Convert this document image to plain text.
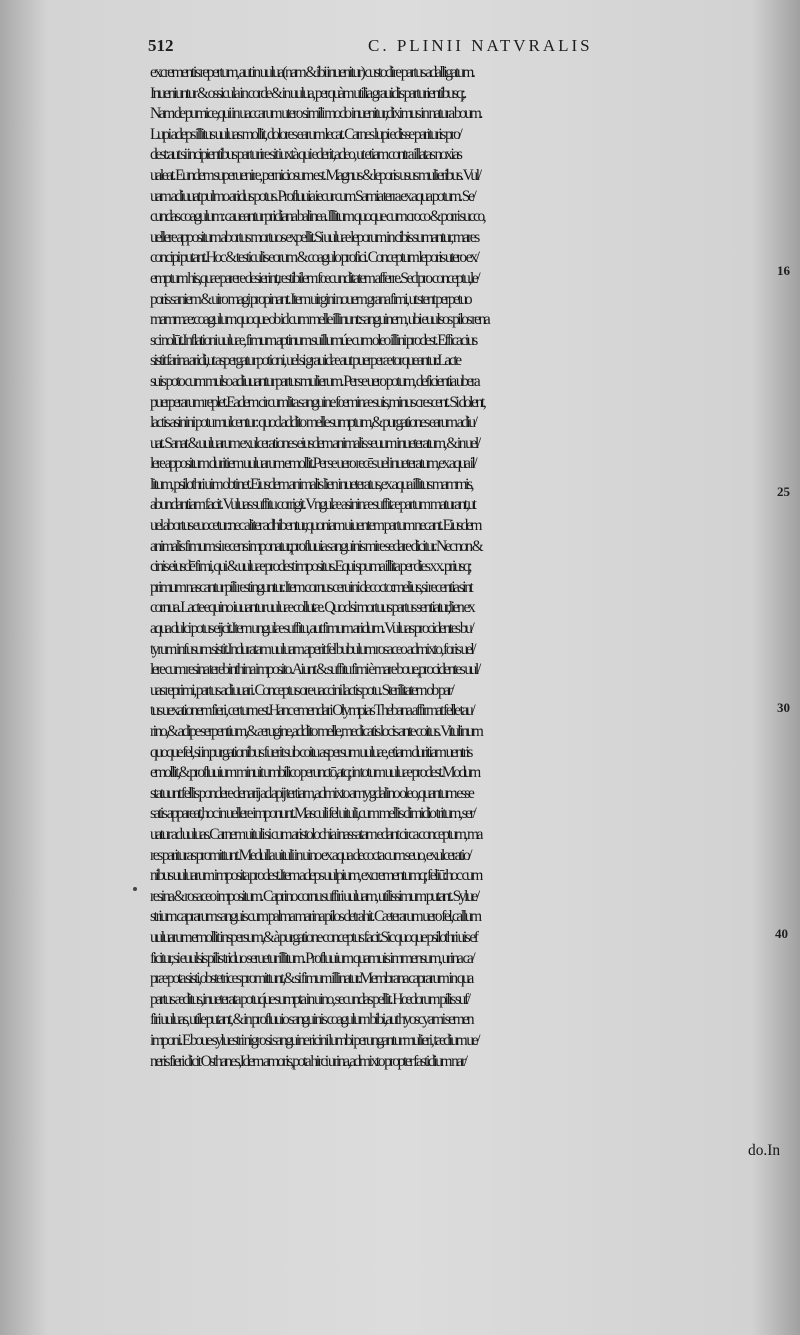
512	C. PLINII NATVRALIS
excrementis repertum, aut in uulua(nam & ibi inuenitur) custodire partus adalligatum.
Inueniuntur & ossicula in corde & in uulua, perquàm utilia grauidis parturientibusq;.
Nam de pumice,qui in uaccarum utero simili modo inuenitur,diximus in natura boum.
Lupi adeps illitus uuluas mollit, dolores earum lecat. Carnes lupi edisse parituris pro/
dest:aut si incipientibus parturire sit iuxtà qui ederit,adeo, ut etiam contra illatas noxias
ualeat. Eundem superuenire, perniciosum est. Magnus & leporis usus mulieribus. Vul/
uam adiuuat pulmo aridus potus. Profluuia iecur cum Samia terra ex aqua potum. Se/
cundas coagulum: caueantur pridiana balinea. Illitum quoque cum croco & porri succo,
uellere appositum abortus mortuos expellit.Si uuluæ leporum in cibis sumantur, mares
concipi putant.Hoc & testiculis eorum & coagulo profici. Conceptum leporis utero ex/
emptum his,quæ parere desierint,restibilem fœcunditatem afferre.Sed pro conceptu,le/
poris saniem & uiro magi propinant. Item uirgini nouem grana fimi, ut stent perpetuo
mammæ:coagulum quoque ob id cum melle illinunt:sanguinem, ubi euulsos pilos rena
sci nolūt.Inflationi uuluæ, fimum aptinum suillumúe cum oleo illini prodest. Efficacius
sistit farina aridi,ut aspergatur potioni, uel si grauidæ aut puerperæ torqueantur.Lacte
suis poto cum mulso adiuuantur partus mulierum. Per se uero potum, deficientia ubera
puerperarum replet.Eadem circumlita sanguine fœminæ suis,minus crescent. Si dolent,
lactis asinini potu mulcentur: quod addito melle sumptum,& purgationes earum adiu/
uat. Sanat & uuluarum exulcerationes eiusdem animalis seuum inueteratum, & in uel/
lere appositum duritiem uuluarum emollit.Per se uero recēs uel inueteratum,ex aqua il/
litum, psilothri uim obtinet.Eiusdem animalis lien inueteratus,ex aqua illitus mammis,
abundantiam facit. Vuluas suffitu corrigit. Vngulæ asininæ suffitæ partum maturant,ut
uel abortus euocetur:nec aliter adhibentur,quoniam uiuentem partum necant. Eiusdem
animalis fimum si recens imponatur,profluuia sanguinis mire sedare dicitur. Nec non &
cinis eiusdē fimi, qui & uuluæ prodest impositus.Equi spuma illita per dies x x. priusq;
primum nascantur pili restinguntur. Item cornus ceruini decocto:melius,si recentia sint
cornua. Lacte equino iuuantur uuluæ collutæ. Quod si mortuus partus sentiatur,lien ex
aqua dulci potus eijcit.Item ungulæ suffitu, aut fimum aridum. Vuluas procidentes bu/
tyrum infusum sistit.Induratam uuluam aperit fel bubulum rosaceo admixto, foris uel/
lere cum resina terebinthina imposito. Aiunt & suffitu fimi è mare boue,procidentes uul/
uas reprimi, partus adiuuari. Conceptus ore uaccini lactis potu. Sterilitatem ob par/
tus uexationem fieri, certum est.Hanc emendari Olympias Thebana affirmat felle tau/
rino,& adipe serpentium,& ærugine,addito melle,medicatis locis ante coitus. Vitulinum
quoque fel, si in purgationibus fuerit sub coitu aspersum uuluæ, etiam duritiam uentris
emollit,& profluuium minuit umbilico perunctō,atq; in totum uuluæ prodest.Modum
statuunt fellis pondere denarij ad apij tertiam,admixto amygdalino oleo,quantum esse
satis appareat,hoc in uellere imponunt.Masculi fel uituli,cum mellis dimidio tritum, ser/
uatur ad uuluas.Carnem uituli si cum aristolochia inassatam edant circa conceptum, ma
res parituras promittunt.Medulla uituli in uino ex aqua decocta cum seuo, exulceratio/
nibus uuluarum imposita prodest.Item adeps uulpium, excrementumq; feliū:hoc cum
resina & rosaceo impositum. Caprino cornu suffiri uuluam, utilissimum putant. Sylue/
strium caprarum sanguis cum palma marina pilos detrahit. Cæterarum uero fel,callum
uuluarum emollit inspersum,& à purgatione conceptus facit.Sic quoque psilothri uis ef
ficitur, si euulsis pilis triduo seruetur illitum. Profluuium quamuis immensum, urina ca/
præ pota sisti,obstetrices promittunt,& si fimum illinatur.Membrana caprarum in qua
partus æditus,inueterata potuq́ue sumpta in uino, secundas pellit. Hœdorum pilis suf/
firi uuluas, utile putant, & in profluuio sanguinis coagulum bibi,aut hyoscyami semen
imponi. E boue syluestri nigro si sanguine ricini lumbi perungantur mulieri, tædium ue/
neris fieri dicit Osthanes,Idem amoris,pota hirci urina,admixto propter fastidium nar/
16
25
30
40
do.In
